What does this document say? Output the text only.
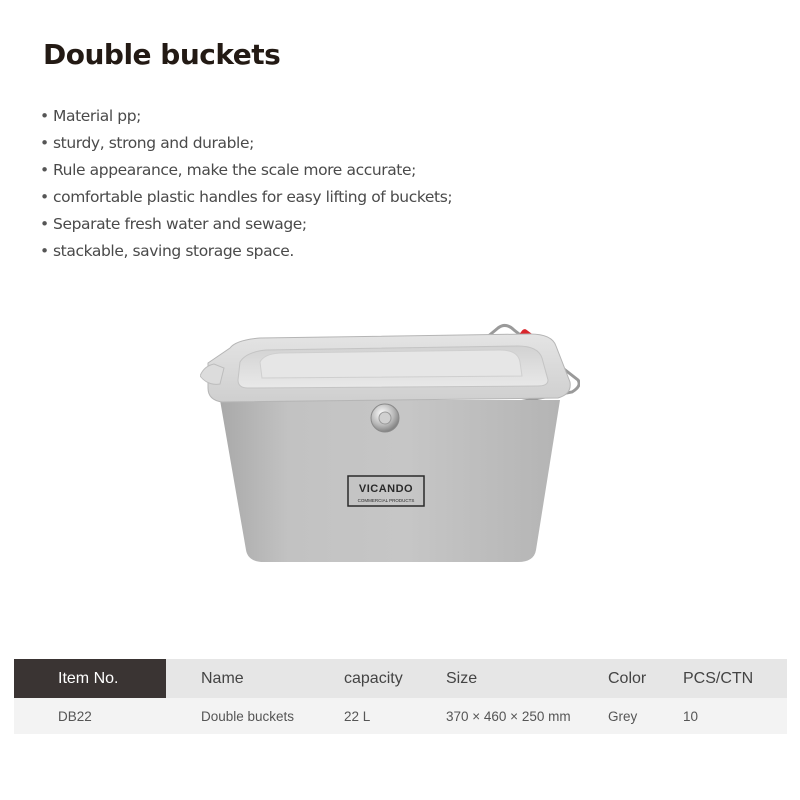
Double buckets
• Material pp;
• sturdy, strong and durable;
• Rule appearance, make the scale more accurate;
• comfortable plastic handles for easy lifting of buckets;
• Separate fresh water and sewage;
• stackable, saving storage space.
VICANDO
COMMERCIAL PRODUCTS
Item No.	Name	capacity	Size	Color	PCS/CTN
DB22	Double buckets	22 L	370 × 460 × 250 mm	Grey	10
